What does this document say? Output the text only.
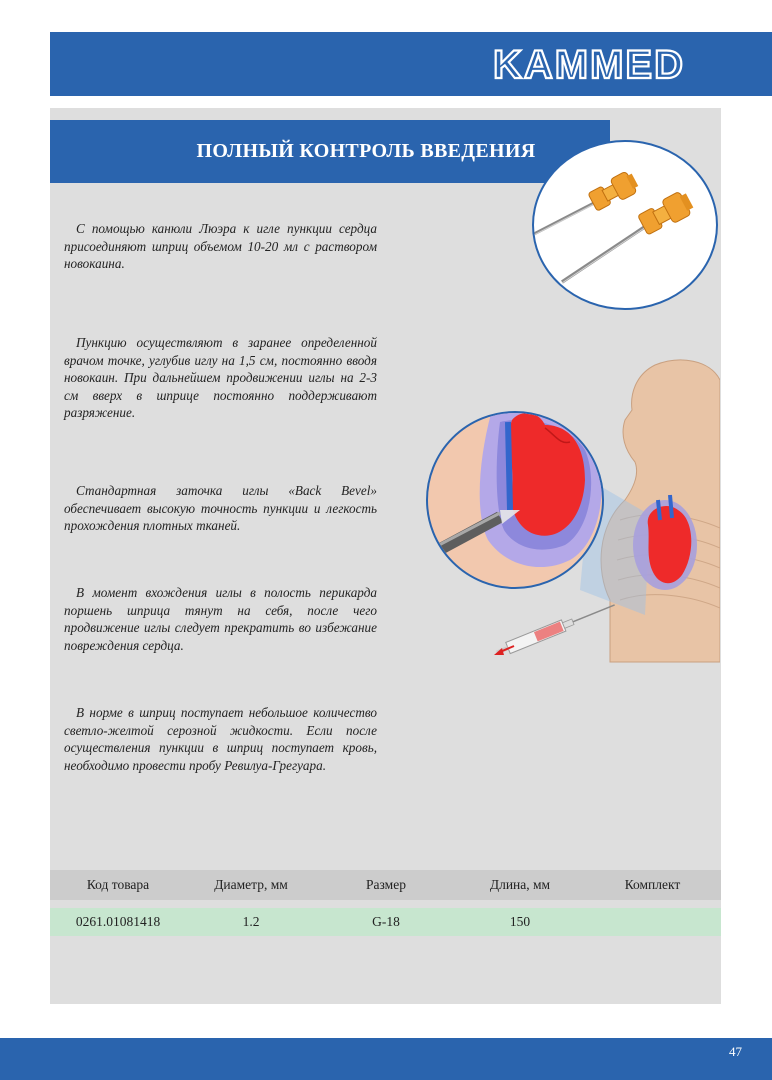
KAMMED
ПОЛНЫЙ КОНТРОЛЬ ВВЕДЕНИЯ

С помощью канюли Люэра к игле пункции сердца присоединяют шприц объемом 10-20 мл с раствором новокаина.

Пункцию осуществляют в заранее определенной врачом точке, углубив иглу на 1,5 см, постоянно вводя новокаин. При дальнейшем продвижении иглы на 2-3 см вверх в шприце постоянно поддерживают разряжение.

Стандартная заточка иглы «Back Bevel» обеспечивает высокую точность пункции и легкость прохождения плотных тканей.

В момент вхождения иглы в полость перикарда поршень шприца тянут на себя, после чего продвижение иглы следует прекратить во избежание повреждения сердца.

В норме в шприц поступает небольшое количество светло-желтой серозной жидкости. Если после осуществления пункции в шприц поступает кровь, необходимо провести пробу Ревилуа-Грегуара.

Код товара	Диаметр, мм	Размер	Длина, мм	Комплект
0261.01081418	1.2	G-18	150
47
